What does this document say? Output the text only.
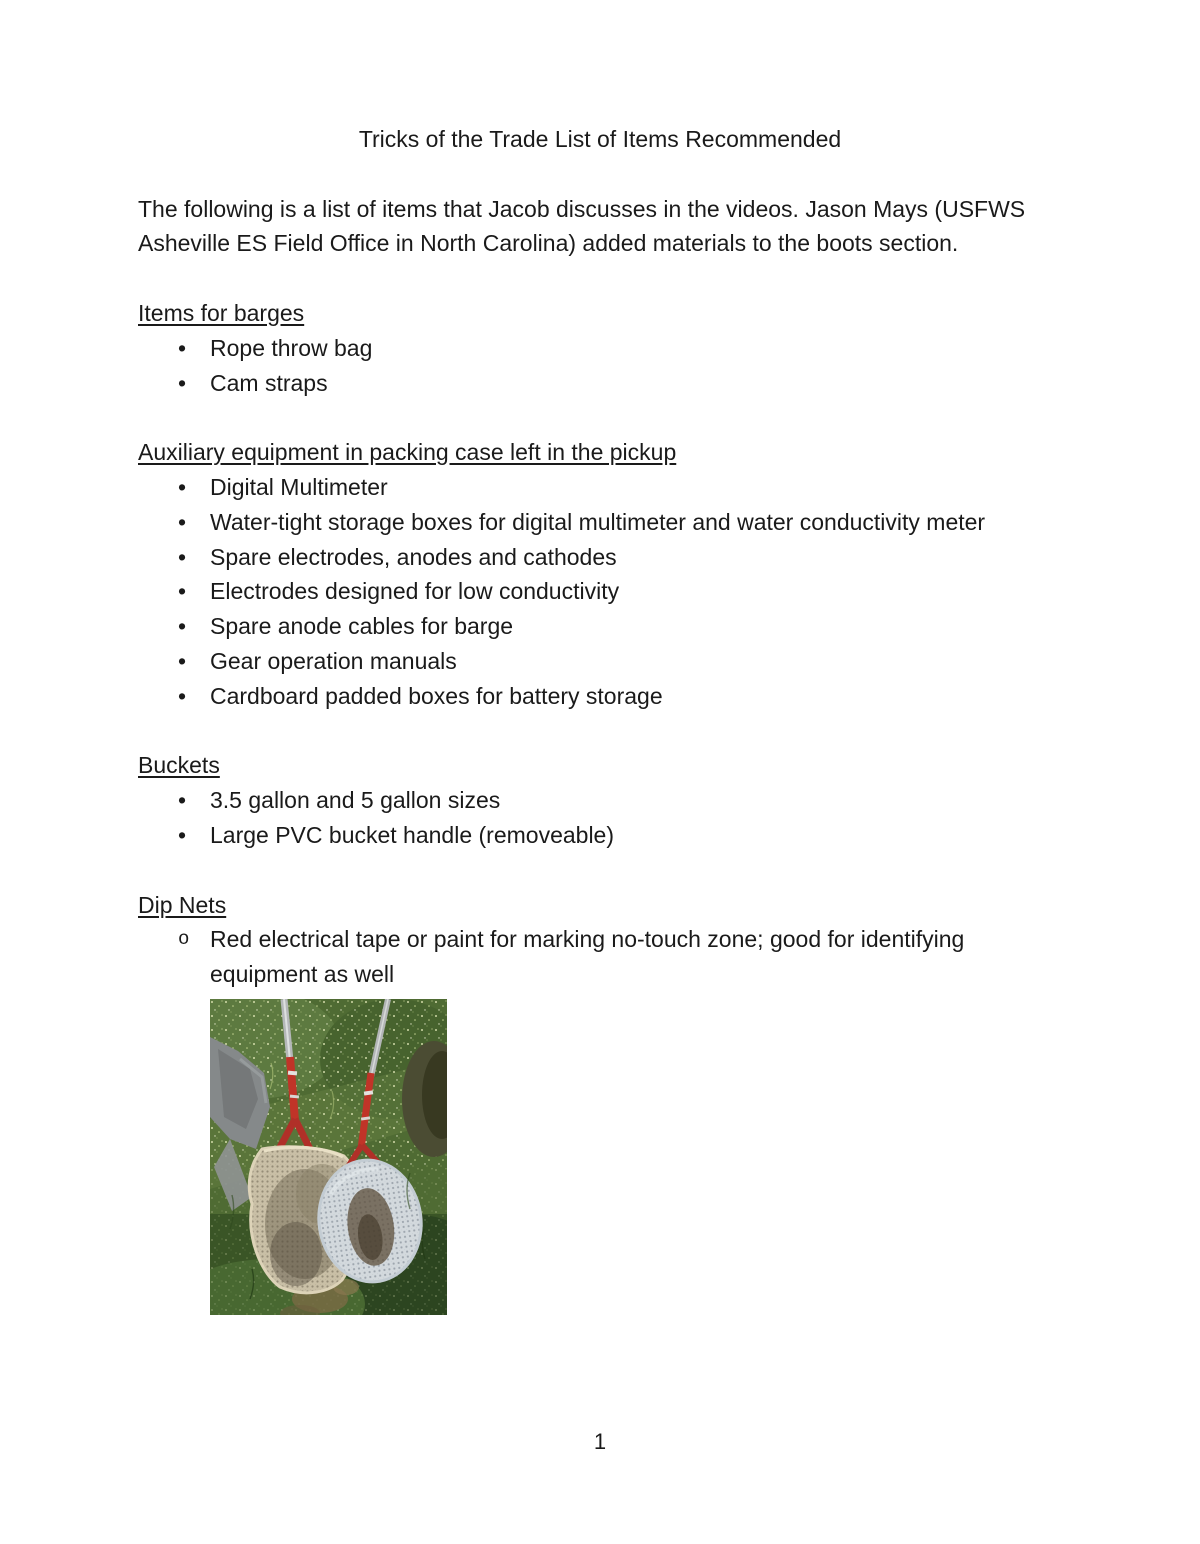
Tricks of the Trade List of Items Recommended

The following is a list of items that Jacob discusses in the videos. Jason Mays (USFWS Asheville ES Field Office in North Carolina) added materials to the boots section.

Items for barges
•	Rope throw bag
•	Cam straps
Auxiliary equipment in packing case left in the pickup
•	Digital Multimeter
•	Water-tight storage boxes for digital multimeter and water conductivity meter
•	Spare electrodes, anodes and cathodes
•	Electrodes designed for low conductivity
•	Spare anode cables for barge
•	Gear operation manuals
•	Cardboard padded boxes for battery storage
Buckets
•	3.5 gallon and 5 gallon sizes
•	Large PVC bucket handle (removeable)
Dip Nets
o Red electrical tape or paint for marking no-touch zone; good for identifying equipment as well
1
